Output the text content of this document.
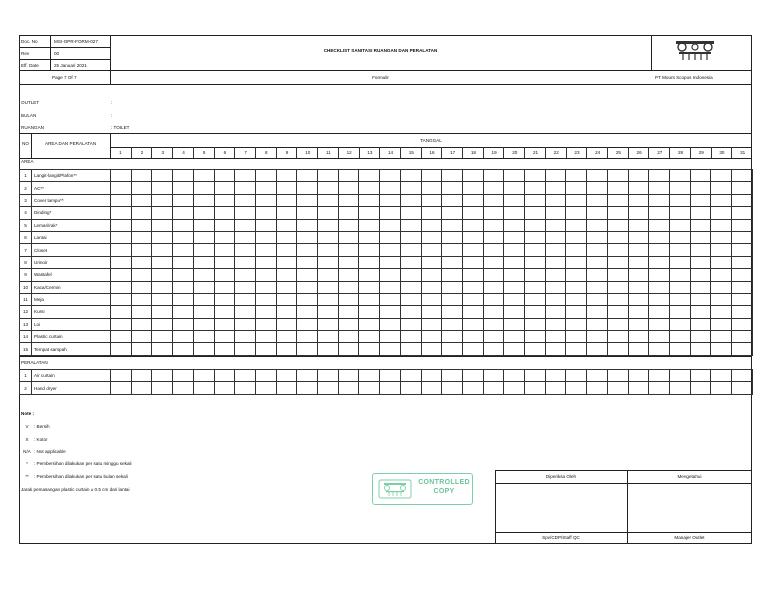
Doc. No	MSI-OPR-FORM-027
Rev	00
Eff. Date	25 Januari 2021
Page 7 Of 7
CHECKLIST SANITASI RUANGAN DAN PERALATAN
Formulir	PT Mount Scopus Indonesia
OUTLET	:
BULAN	:
RUANGAN	: TOILET
NO	AREA DAN PERALATAN
TANGGAL
1	2	3	4	5	6	7	8	9	10	11	12	13	14	15	16	17	18	19	20	21	22	23	24	25	26	27	28	29	30	31
AREA
1	Langit-langit/Plafon**																															
2	AC**																															
3	Cover lampu**																															
4	Dinding*																															
5	Lemari/rak*																															
6	Lantai																															
7	Closet																															
8	Urinoir																															
9	Wastafel																															
10	Kaca/Cermin																															
11	Meja																															
12	Kursi																															
13	Loi																															
14	Plastic curtain																															
15	Tempat sampah																															
PERALATAN
1	Air curtain																															
2	Hand dryer																															
Note :
V	: Bersih
X	: Kotor
N/A : Not applicable
*	: Pembersihan dilakukan per satu minggu sekali
**	: Pembersihan dilakukan per satu bulan sekali
Jarak pemasangan plastic curtain ± 0.5 cm dari lantai
CONTROLLED
COPY
Diperiksa Oleh	Mengetahui
Spv/CDP/Staff QC	Manajer Outlet
